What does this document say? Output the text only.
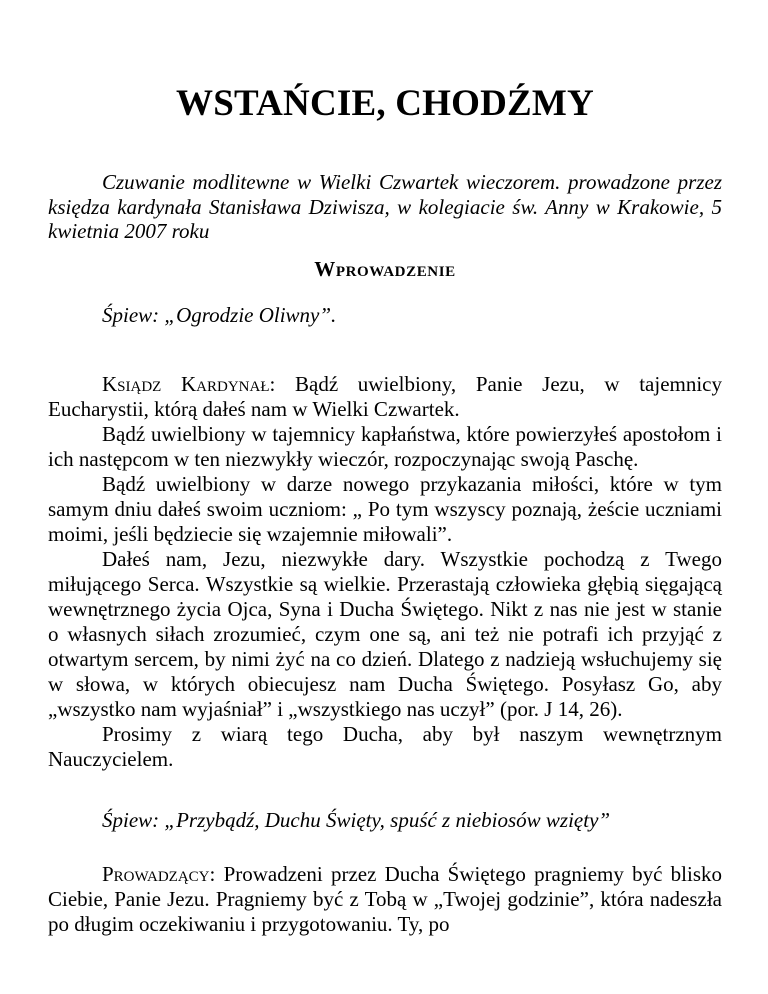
WSTAŃCIE, CHODŹMY
Czuwanie modlitewne w Wielki Czwartek wieczorem. prowadzone przez księdza kardynała Stanisława Dziwisza, w kolegiacie św. Anny w Krakowie, 5 kwietnia 2007 roku
Wprowadzenie

Śpiew: „Ogrodzie Oliwny”.

Ksiądz Kardynał: Bądź uwielbiony, Panie Jezu, w tajemnicy Eucharystii, którą dałeś nam w Wielki Czwartek.

Bądź uwielbiony w tajemnicy kapłaństwa, które powierzyłeś apostołom i ich następcom w ten niezwykły wieczór, rozpoczynając swoją Paschę.

Bądź uwielbiony w darze nowego przykazania miłości, które w tym samym dniu dałeś swoim uczniom: „ Po tym wszyscy poznają, żeście uczniami moimi, jeśli będziecie się wzajemnie miłowali”.

Dałeś nam, Jezu, niezwykłe dary. Wszystkie pochodzą z Twego miłującego Serca. Wszystkie są wielkie. Przerastają człowieka głębią sięgającą wewnętrznego życia Ojca, Syna i Ducha Świętego. Nikt z nas nie jest w stanie o własnych siłach zrozumieć, czym one są, ani też nie potrafi ich przyjąć z otwartym sercem, by nimi żyć na co dzień. Dlatego z nadzieją wsłuchujemy się w słowa, w których obiecujesz nam Ducha Świętego. Posyłasz Go, aby „wszystko nam wyjaśniał” i „wszystkiego nas uczył” (por. J 14, 26).

Prosimy z wiarą tego Ducha, aby był naszym wewnętrznym Nauczycielem.

Śpiew: „Przybądź, Duchu Święty, spuść z niebiosów wzięty”

Prowadzący: Prowadzeni przez Ducha Świętego pragniemy być blisko Ciebie, Panie Jezu. Pragniemy być z Tobą w „Twojej godzinie”, która nadeszła po długim oczekiwaniu i przygotowaniu. Ty, po
